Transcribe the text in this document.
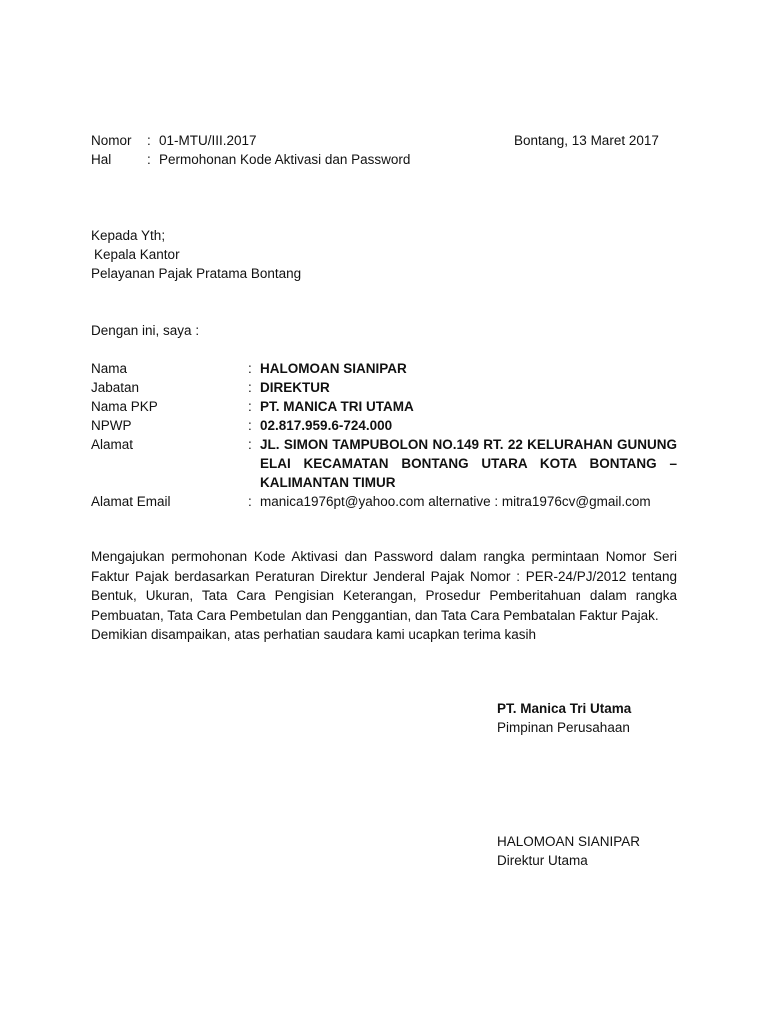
Nomor : 01-MTU/III.2017	Bontang, 13 Maret 2017
Hal	: Permohonan Kode Aktivasi dan Password
Kepada Yth;
Kepala Kantor
Pelayanan Pajak Pratama Bontang
Dengan ini, saya :
Nama	: HALOMOAN SIANIPAR
Jabatan	: DIREKTUR
Nama PKP	: PT. MANICA TRI UTAMA
NPWP	: 02.817.959.6-724.000
Alamat	: JL. SIMON TAMPUBOLON NO.149 RT. 22 KELURAHAN GUNUNG
ELAI KECAMATAN BONTANG UTARA KOTA BONTANG –
KALIMANTAN TIMUR
Alamat Email	: manica1976pt@yahoo.com alternative : mitra1976cv@gmail.com
Mengajukan permohonan Kode Aktivasi dan Password dalam rangka permintaan Nomor Seri
Faktur Pajak berdasarkan Peraturan Direktur Jenderal Pajak Nomor : PER-24/PJ/2012 tentang
Bentuk, Ukuran, Tata Cara Pengisian Keterangan, Prosedur Pemberitahuan dalam rangka
Pembuatan, Tata Cara Pembetulan dan Penggantian, dan Tata Cara Pembatalan Faktur Pajak.
Demikian disampaikan, atas perhatian saudara kami ucapkan terima kasih
PT. Manica Tri Utama
Pimpinan Perusahaan
HALOMOAN SIANIPAR
Direktur Utama
